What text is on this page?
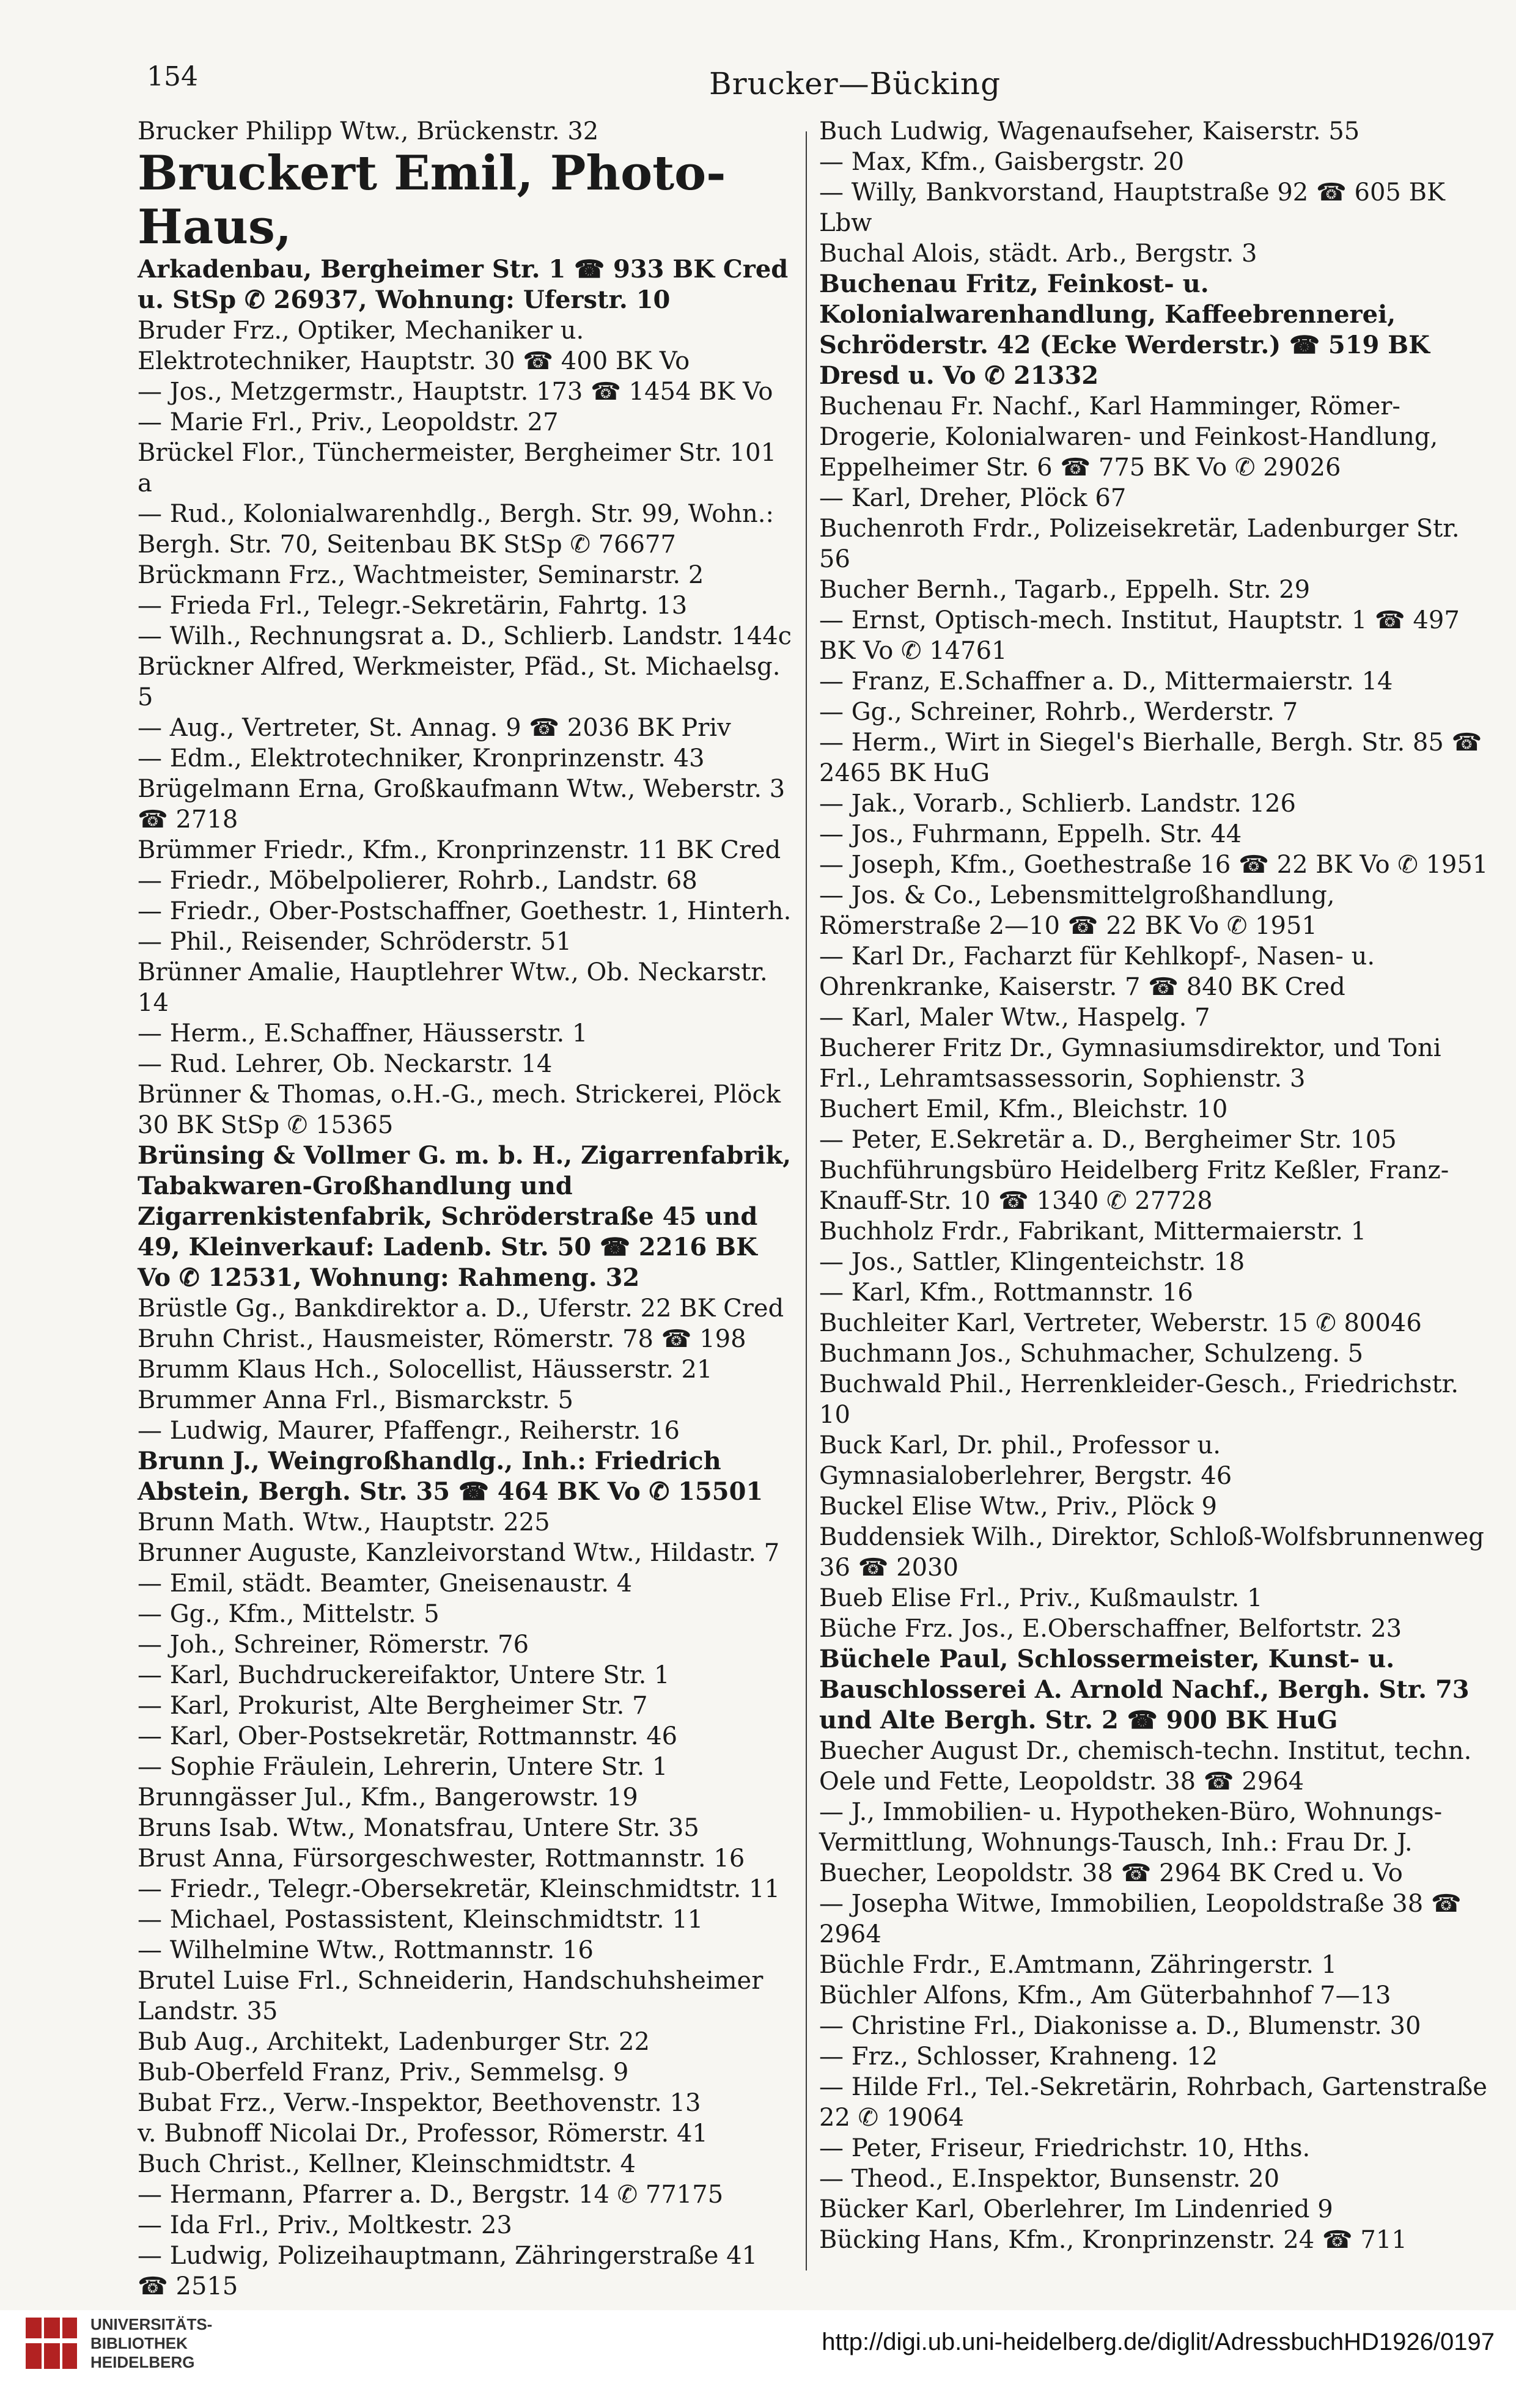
154	Brucker—Bücking
Brucker Philipp Wtw., Brückenstr. 32
Bruckert Emil, Photo-Haus,
Arkadenbau, Bergheimer Str. 1 ☎ 933 BK Cred u. StSp ✆ 26937, Wohnung: Uferstr. 10
Bruder Frz., Optiker, Mechaniker u. Elektrotechniker, Hauptstr. 30 ☎ 400 BK Vo
— Jos., Metzgermstr., Hauptstr. 173 ☎ 1454 BK Vo
— Marie Frl., Priv., Leopoldstr. 27
Brückel Flor., Tünchermeister, Bergheimer Str. 101 a
— Rud., Kolonialwarenhdlg., Bergh. Str. 99, Wohn.: Bergh. Str. 70, Seitenbau BK StSp ✆ 76677
Brückmann Frz., Wachtmeister, Seminarstr. 2
— Frieda Frl., Telegr.-Sekretärin, Fahrtg. 13
— Wilh., Rechnungsrat a. D., Schlierb. Landstr. 144c
Brückner Alfred, Werkmeister, Pfäd., St. Michaelsg. 5
— Aug., Vertreter, St. Annag. 9 ☎ 2036 BK Priv
— Edm., Elektrotechniker, Kronprinzenstr. 43
Brügelmann Erna, Großkaufmann Wtw., Weberstr. 3 ☎ 2718
Brümmer Friedr., Kfm., Kronprinzenstr. 11 BK Cred
— Friedr., Möbelpolierer, Rohrb., Landstr. 68
— Friedr., Ober-Postschaffner, Goethestr. 1, Hinterh.
— Phil., Reisender, Schröderstr. 51
Brünner Amalie, Hauptlehrer Wtw., Ob. Neckarstr. 14
— Herm., E.Schaffner, Häusserstr. 1
— Rud. Lehrer, Ob. Neckarstr. 14
Brünner & Thomas, o.H.-G., mech. Strickerei, Plöck 30 BK StSp ✆ 15365
Brünsing & Vollmer G. m. b. H., Zigarrenfabrik, Tabakwaren-Großhandlung und Zigarrenkistenfabrik, Schröderstraße 45 und 49, Kleinverkauf: Ladenb. Str. 50 ☎ 2216 BK Vo ✆ 12531, Wohnung: Rahmeng. 32
Brüstle Gg., Bankdirektor a. D., Uferstr. 22 BK Cred
Bruhn Christ., Hausmeister, Römerstr. 78 ☎ 198
Brumm Klaus Hch., Solocellist, Häusserstr. 21
Brummer Anna Frl., Bismarckstr. 5
— Ludwig, Maurer, Pfaffengr., Reiherstr. 16
Brunn J., Weingroßhandlg., Inh.: Friedrich Abstein, Bergh. Str. 35 ☎ 464 BK Vo ✆ 15501
Brunn Math. Wtw., Hauptstr. 225
Brunner Auguste, Kanzleivorstand Wtw., Hildastr. 7
— Emil, städt. Beamter, Gneisenaustr. 4
— Gg., Kfm., Mittelstr. 5
— Joh., Schreiner, Römerstr. 76
— Karl, Buchdruckereifaktor, Untere Str. 1
— Karl, Prokurist, Alte Bergheimer Str. 7
— Karl, Ober-Postsekretär, Rottmannstr. 46
— Sophie Fräulein, Lehrerin, Untere Str. 1
Brunngässer Jul., Kfm., Bangerowstr. 19
Bruns Isab. Wtw., Monatsfrau, Untere Str. 35
Brust Anna, Fürsorgeschwester, Rottmannstr. 16
— Friedr., Telegr.-Obersekretär, Kleinschmidtstr. 11
— Michael, Postassistent, Kleinschmidtstr. 11
— Wilhelmine Wtw., Rottmannstr. 16
Brutel Luise Frl., Schneiderin, Handschuhsheimer Landstr. 35
Bub Aug., Architekt, Ladenburger Str. 22
Bub-Oberfeld Franz, Priv., Semmelsg. 9
Bubat Frz., Verw.-Inspektor, Beethovenstr. 13
v. Bubnoff Nicolai Dr., Professor, Römerstr. 41
Buch Christ., Kellner, Kleinschmidtstr. 4
— Hermann, Pfarrer a. D., Bergstr. 14 ✆ 77175
— Ida Frl., Priv., Moltkestr. 23
— Ludwig, Polizeihauptmann, Zähringerstraße 41 ☎ 2515
Buch Ludwig, Wagenaufseher, Kaiserstr. 55
— Max, Kfm., Gaisbergstr. 20
— Willy, Bankvorstand, Hauptstraße 92 ☎ 605 BK Lbw
Buchal Alois, städt. Arb., Bergstr. 3
Buchenau Fritz, Feinkost- u. Kolonialwarenhandlung, Kaffeebrennerei, Schröderstr. 42 (Ecke Werderstr.) ☎ 519 BK Dresd u. Vo ✆ 21332
Buchenau Fr. Nachf., Karl Hamminger, Römer-Drogerie, Kolonialwaren- und Feinkost-Handlung, Eppelheimer Str. 6 ☎ 775 BK Vo ✆ 29026
— Karl, Dreher, Plöck 67
Buchenroth Frdr., Polizeisekretär, Ladenburger Str. 56
Bucher Bernh., Tagarb., Eppelh. Str. 29
— Ernst, Optisch-mech. Institut, Hauptstr. 1 ☎ 497 BK Vo ✆ 14761
— Franz, E.Schaffner a. D., Mittermaierstr. 14
— Gg., Schreiner, Rohrb., Werderstr. 7
— Herm., Wirt in Siegel's Bierhalle, Bergh. Str. 85 ☎ 2465 BK HuG
— Jak., Vorarb., Schlierb. Landstr. 126
— Jos., Fuhrmann, Eppelh. Str. 44
— Joseph, Kfm., Goethestraße 16 ☎ 22 BK Vo ✆ 1951
— Jos. & Co., Lebensmittelgroßhandlung, Römerstraße 2—10 ☎ 22 BK Vo ✆ 1951
— Karl Dr., Facharzt für Kehlkopf-, Nasen- u. Ohrenkranke, Kaiserstr. 7 ☎ 840 BK Cred
— Karl, Maler Wtw., Haspelg. 7
Bucherer Fritz Dr., Gymnasiumsdirektor, und Toni Frl., Lehramtsassessorin, Sophienstr. 3
Buchert Emil, Kfm., Bleichstr. 10
— Peter, E.Sekretär a. D., Bergheimer Str. 105
Buchführungsbüro Heidelberg Fritz Keßler, Franz-Knauff-Str. 10 ☎ 1340 ✆ 27728
Buchholz Frdr., Fabrikant, Mittermaierstr. 1
— Jos., Sattler, Klingenteichstr. 18
— Karl, Kfm., Rottmannstr. 16
Buchleiter Karl, Vertreter, Weberstr. 15 ✆ 80046
Buchmann Jos., Schuhmacher, Schulzeng. 5
Buchwald Phil., Herrenkleider-Gesch., Friedrichstr. 10
Buck Karl, Dr. phil., Professor u. Gymnasialoberlehrer, Bergstr. 46
Buckel Elise Wtw., Priv., Plöck 9
Buddensiek Wilh., Direktor, Schloß-Wolfsbrunnenweg 36 ☎ 2030
Bueb Elise Frl., Priv., Kußmaulstr. 1
Büche Frz. Jos., E.Oberschaffner, Belfortstr. 23
Büchele Paul, Schlossermeister, Kunst- u. Bauschlosserei A. Arnold Nachf., Bergh. Str. 73 und Alte Bergh. Str. 2 ☎ 900 BK HuG
Buecher August Dr., chemisch-techn. Institut, techn. Oele und Fette, Leopoldstr. 38 ☎ 2964
— J., Immobilien- u. Hypotheken-Büro, Wohnungs-Vermittlung, Wohnungs-Tausch, Inh.: Frau Dr. J. Buecher, Leopoldstr. 38 ☎ 2964 BK Cred u. Vo
— Josepha Witwe, Immobilien, Leopoldstraße 38 ☎ 2964
Büchle Frdr., E.Amtmann, Zähringerstr. 1
Büchler Alfons, Kfm., Am Güterbahnhof 7—13
— Christine Frl., Diakonisse a. D., Blumenstr. 30
— Frz., Schlosser, Krahneng. 12
— Hilde Frl., Tel.-Sekretärin, Rohrbach, Gartenstraße 22 ✆ 19064
— Peter, Friseur, Friedrichstr. 10, Hths.
— Theod., E.Inspektor, Bunsenstr. 20
Bücker Karl, Oberlehrer, Im Lindenried 9
Bücking Hans, Kfm., Kronprinzenstr. 24 ☎ 711
UNIVERSITÄTS-
BIBLIOTHEK
HEIDELBERG
http://digi.ub.uni-heidelberg.de/diglit/AdressbuchHD1926/0197
